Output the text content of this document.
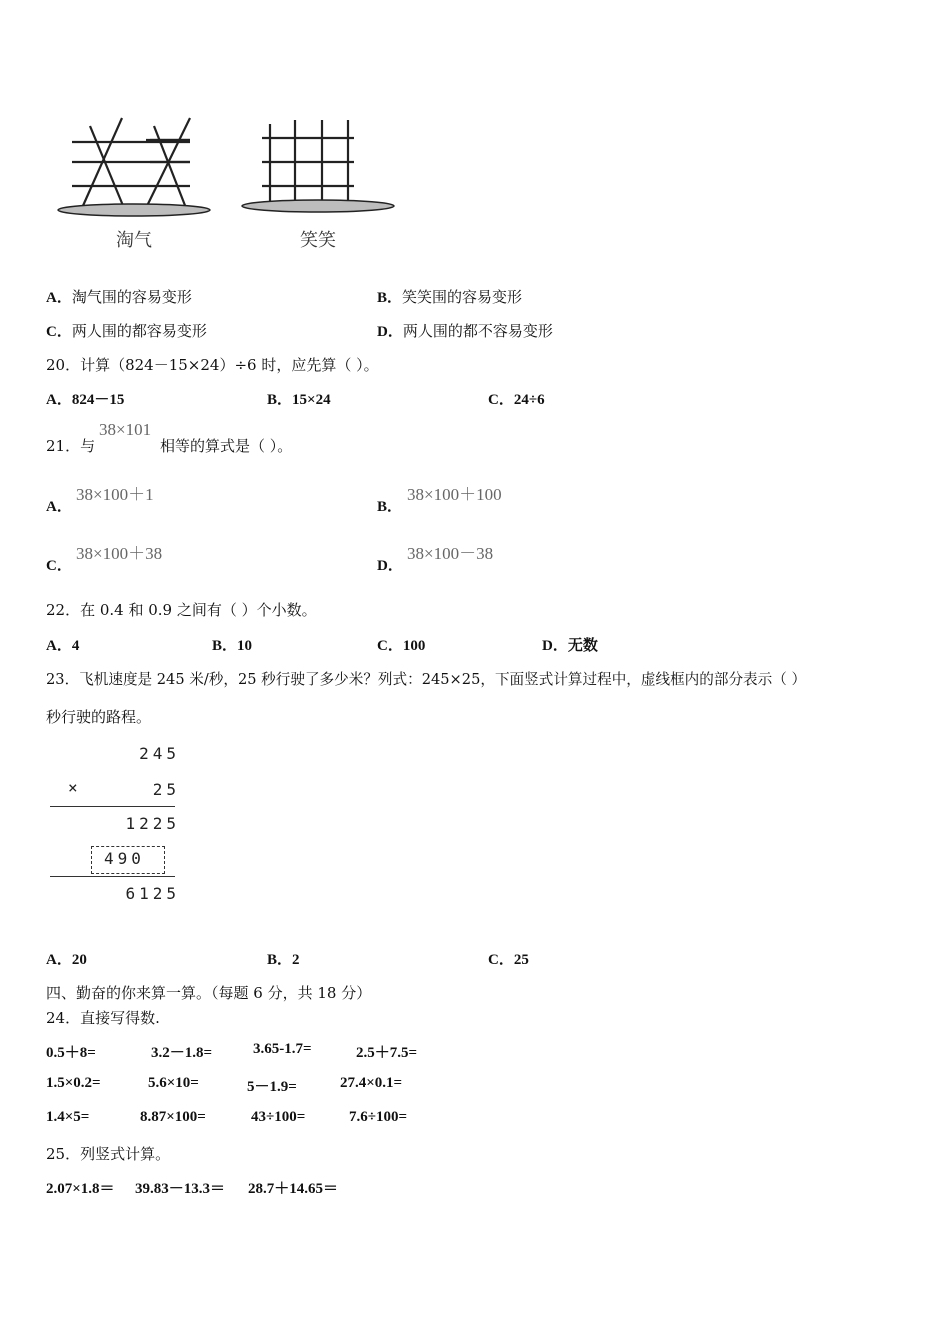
淘气	笑笑
A．淘气围的容易变形	B．笑笑围的容易变形
C．两人围的都容易变形	D．两人围的都不容易变形
20．计算（824－15×24）÷6 时，应先算（ ）。
A．824－15	B．15×24	C．24÷6
21．与
38×101
相等的算式是（ ）。
A．
38×100＋1
B．
38×100＋100
C．
38×100＋38
D．
38×100－38
22．在 0.4 和 0.9 之间有（ ）个小数。
A．4	B．10	C．100	D．无数
23．飞机速度是 245 米/秒，25 秒行驶了多少米？列式：245×25，下面竖式计算过程中，虚线框内的部分表示（ ）
秒行驶的路程。
245
×	25
1225
490
6125
A．20	B．2	C．25
四、勤奋的你来算一算。（每题 6 分，共 18 分）
24．直接写得数.
0.5＋8=	3.2－1.8=	3.65-1.7=	2.5＋7.5=
1.5×0.2=	5.6×10=	5－1.9=	27.4×0.1=
1.4×5=	8.87×100=	43÷100=	7.6÷100=
25．列竖式计算。
2.07×1.8＝ 39.83－13.3＝ 28.7＋14.65＝
